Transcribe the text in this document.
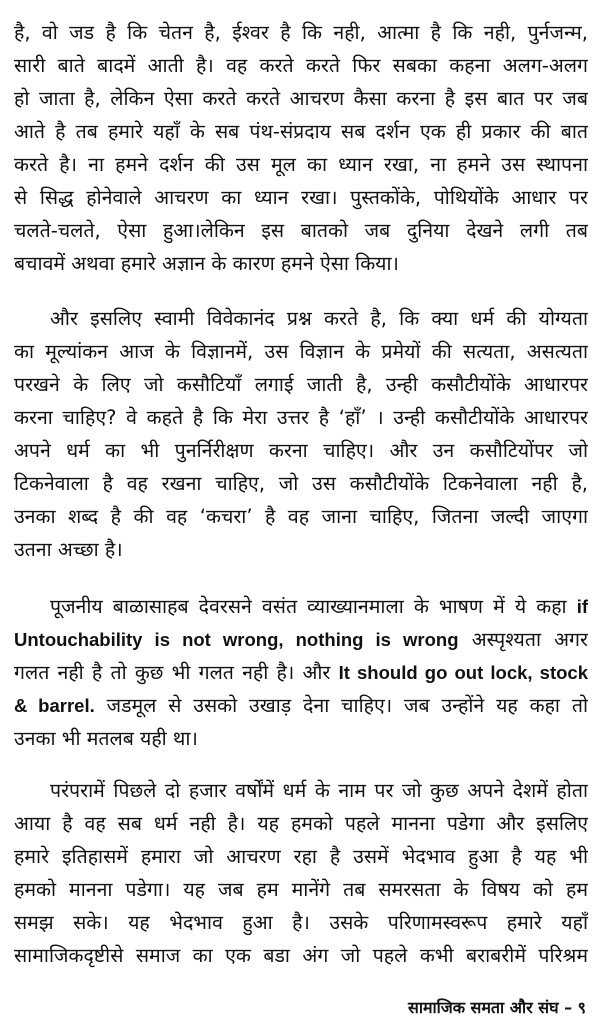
है, वो जड है कि चेतन है, ईश्वर है कि नही, आत्मा है कि नही, पुर्नजन्म,
सारी बाते बादमें आती है। वह करते करते फिर सबका कहना अलग-अलग
हो जाता है, लेकिन ऐसा करते करते आचरण कैसा करना है इस बात पर जब
आते है तब हमारे यहाँ के सब पंथ-संप्रदाय सब दर्शन एक ही प्रकार की बात
करते है। ना हमने दर्शन की उस मूल का ध्यान रखा, ना हमने उस स्थापना
से सिद्ध होनेवाले आचरण का ध्यान रखा। पुस्तकोंके, पोथियोंके आधार पर
चलते-चलते, ऐसा हुआ।लेकिन इस बातको जब दुनिया देखने लगी तब
बचावमें अथवा हमारे अज्ञान के कारण हमने ऐसा किया।
और इसलिए स्वामी विवेकानंद प्रश्न करते है, कि क्या धर्म की योग्यता
का मूल्यांकन आज के विज्ञानमें, उस विज्ञान के प्रमेयों की सत्यता, असत्यता
परखने के लिए जो कसौटियाँ लगाई जाती है, उन्ही कसौटीयोंके आधारपर
करना चाहिए? वे कहते है कि मेरा उत्तर है ‘हाँ’ । उन्ही कसौटीयोंके आधारपर
अपने धर्म का भी पुनर्निरीक्षण करना चाहिए। और उन कसौटियोंपर जो
टिकनेवाला है वह रखना चाहिए, जो उस कसौटीयोंके टिकनेवाला नही है,
उनका शब्द है की वह ‘कचरा’ है वह जाना चाहिए, जितना जल्दी जाएगा
उतना अच्छा है।
पूजनीय बाळासाहब देवरसने वसंत व्याख्यानमाला के भाषण में ये कहा if
Untouchability is not wrong, nothing is wrong अस्पृश्यता अगर
गलत नही है तो कुछ भी गलत नही है। और It should go out lock, stock
& barrel. जडमूल से उसको उखाड़ देना चाहिए। जब उन्होंने यह कहा तो
उनका भी मतलब यही था।
परंपरामें पिछले दो हजार वर्षोंमें धर्म के नाम पर जो कुछ अपने देशमें होता
आया है वह सब धर्म नही है। यह हमको पहले मानना पडेगा और इसलिए
हमारे इतिहासमें हमारा जो आचरण रहा है उसमें भेदभाव हुआ है यह भी
हमको मानना पडेगा। यह जब हम मानेंगे तब समरसता के विषय को हम
समझ सके। यह भेदभाव हुआ है। उसके परिणामस्वरूप हमारे यहाँ
सामाजिकदृष्टीसे समाज का एक बडा अंग जो पहले कभी बराबरीमें परिश्रम
सामाजिक समता और संघ – ९
